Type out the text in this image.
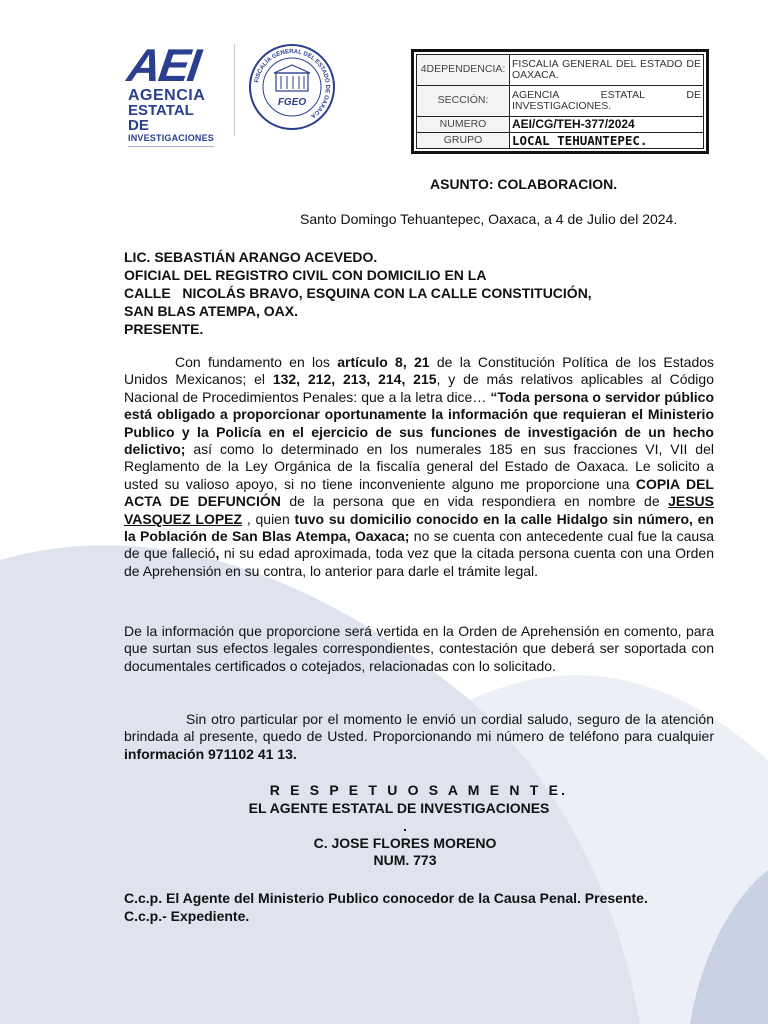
AEI
AGENCIA
ESTATAL DE
INVESTIGACIONES
FISCALÍA GENERAL DEL ESTADO DE OAXACA
FGEO
4DEPENDENCIA:	FISCALIA GENERAL DEL ESTADO DE OAXACA.
SECCIÓN:	AGENCIA ESTATAL DE INVESTIGACIONES.
NUMERO	AEI/CG/TEH-377/2024
GRUPO	LOCAL TEHUANTEPEC.
ASUNTO: COLABORACION.
Santo Domingo Tehuantepec, Oaxaca, a 4 de Julio del 2024.
LIC. SEBASTIÁN ARANGO ACEVEDO.
OFICIAL DEL REGISTRO CIVIL CON DOMICILIO EN LA
CALLE   NICOLÁS BRAVO, ESQUINA CON LA CALLE CONSTITUCIÓN,
SAN BLAS ATEMPA, OAX.
PRESENTE.
Con fundamento en los artículo 8, 21 de la Constitución Política de los Estados Unidos Mexicanos; el 132, 212, 213, 214, 215, y de más relativos aplicables al Código Nacional de Procedimientos Penales: que a la letra dice… “Toda persona o servidor público está obligado a proporcionar oportunamente la información que requieran el Ministerio Publico y la Policía en el ejercicio de sus funciones de investigación de un hecho delictivo; así como lo determinado en los numerales 185 en sus fracciones VI, VII del Reglamento de la Ley Orgánica de la fiscalía general del Estado de Oaxaca. Le solicito a usted su valioso apoyo, si no tiene inconveniente alguno me proporcione una COPIA DEL ACTA DE DEFUNCIÓN de la persona que en vida respondiera en nombre de JESUS VASQUEZ LOPEZ , quien tuvo su domicilio conocido en la calle Hidalgo sin número, en la Población de San Blas Atempa, Oaxaca; no se cuenta con antecedente cual fue la causa de que falleció, ni su edad aproximada, toda vez que la citada persona cuenta con una Orden de Aprehensión en su contra, lo anterior para darle el trámite legal.
De la información que proporcione será vertida en la Orden de Aprehensión en comento, para que surtan sus efectos legales correspondientes, contestación que deberá ser soportada con documentales certificados o cotejados, relacionadas con lo solicitado.
Sin otro particular por el momento le envió un cordial saludo, seguro de la atención brindada al presente, quedo de Usted. Proporcionando mi número de teléfono para cualquier información 971102 41 13.
R E S P E T U O S A M E N T E.
EL AGENTE ESTATAL DE INVESTIGACIONES
.
C. JOSE FLORES MORENO
NUM. 773
C.c.p. El Agente del Ministerio Publico conocedor de la Causa Penal. Presente.
C.c.p.- Expediente.
